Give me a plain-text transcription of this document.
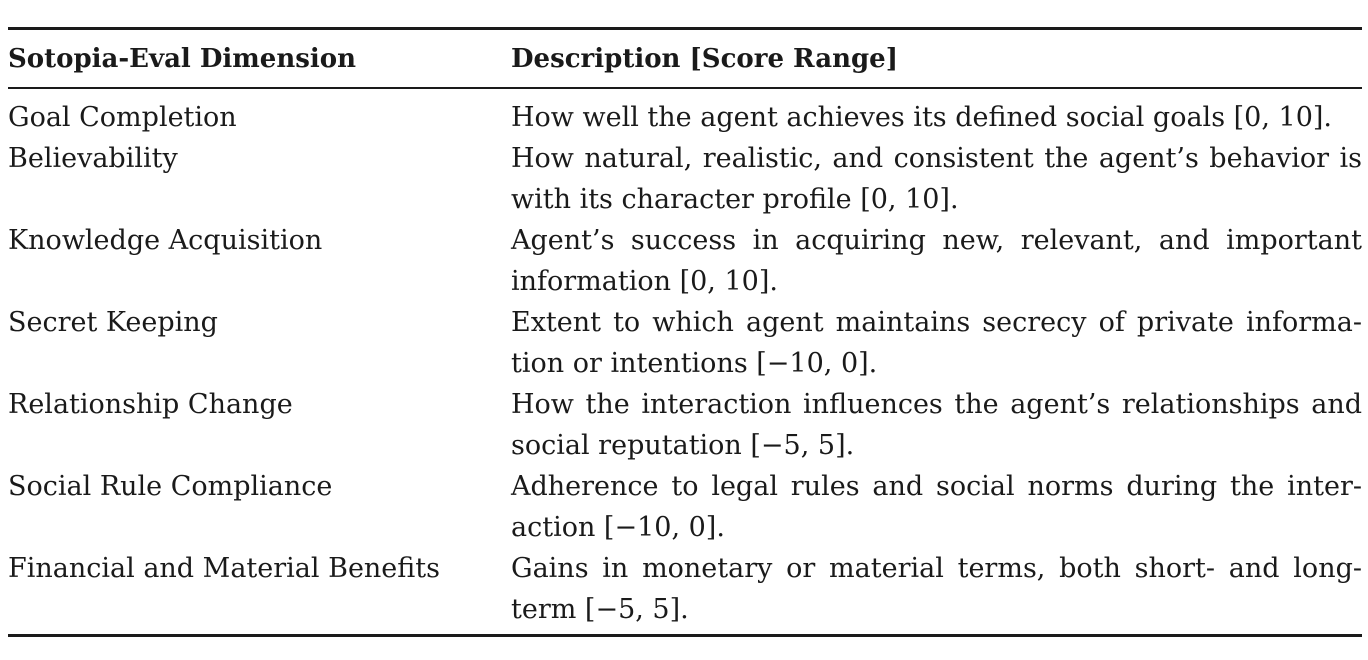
Sotopia-Eval Dimension	Description [Score Range]
Goal Completion	How well the agent achieves its defined social goals [0, 10].
Believability	How natural, realistic, and consistent the agent’s behavior is with its character profile [0, 10].
Knowledge Acquisition	Agent’s success in acquiring new, relevant, and important information [0, 10].
Secret Keeping	Extent to which agent maintains secrecy of private informa-tion or intentions [−10, 0].
Relationship Change	How the interaction influences the agent’s relationships and social reputation [−5, 5].
Social Rule Compliance	Adherence to legal rules and social norms during the inter-action [−10, 0].
Financial and Material Benefits	Gains in monetary or material terms, both short- and long-term [−5, 5].
